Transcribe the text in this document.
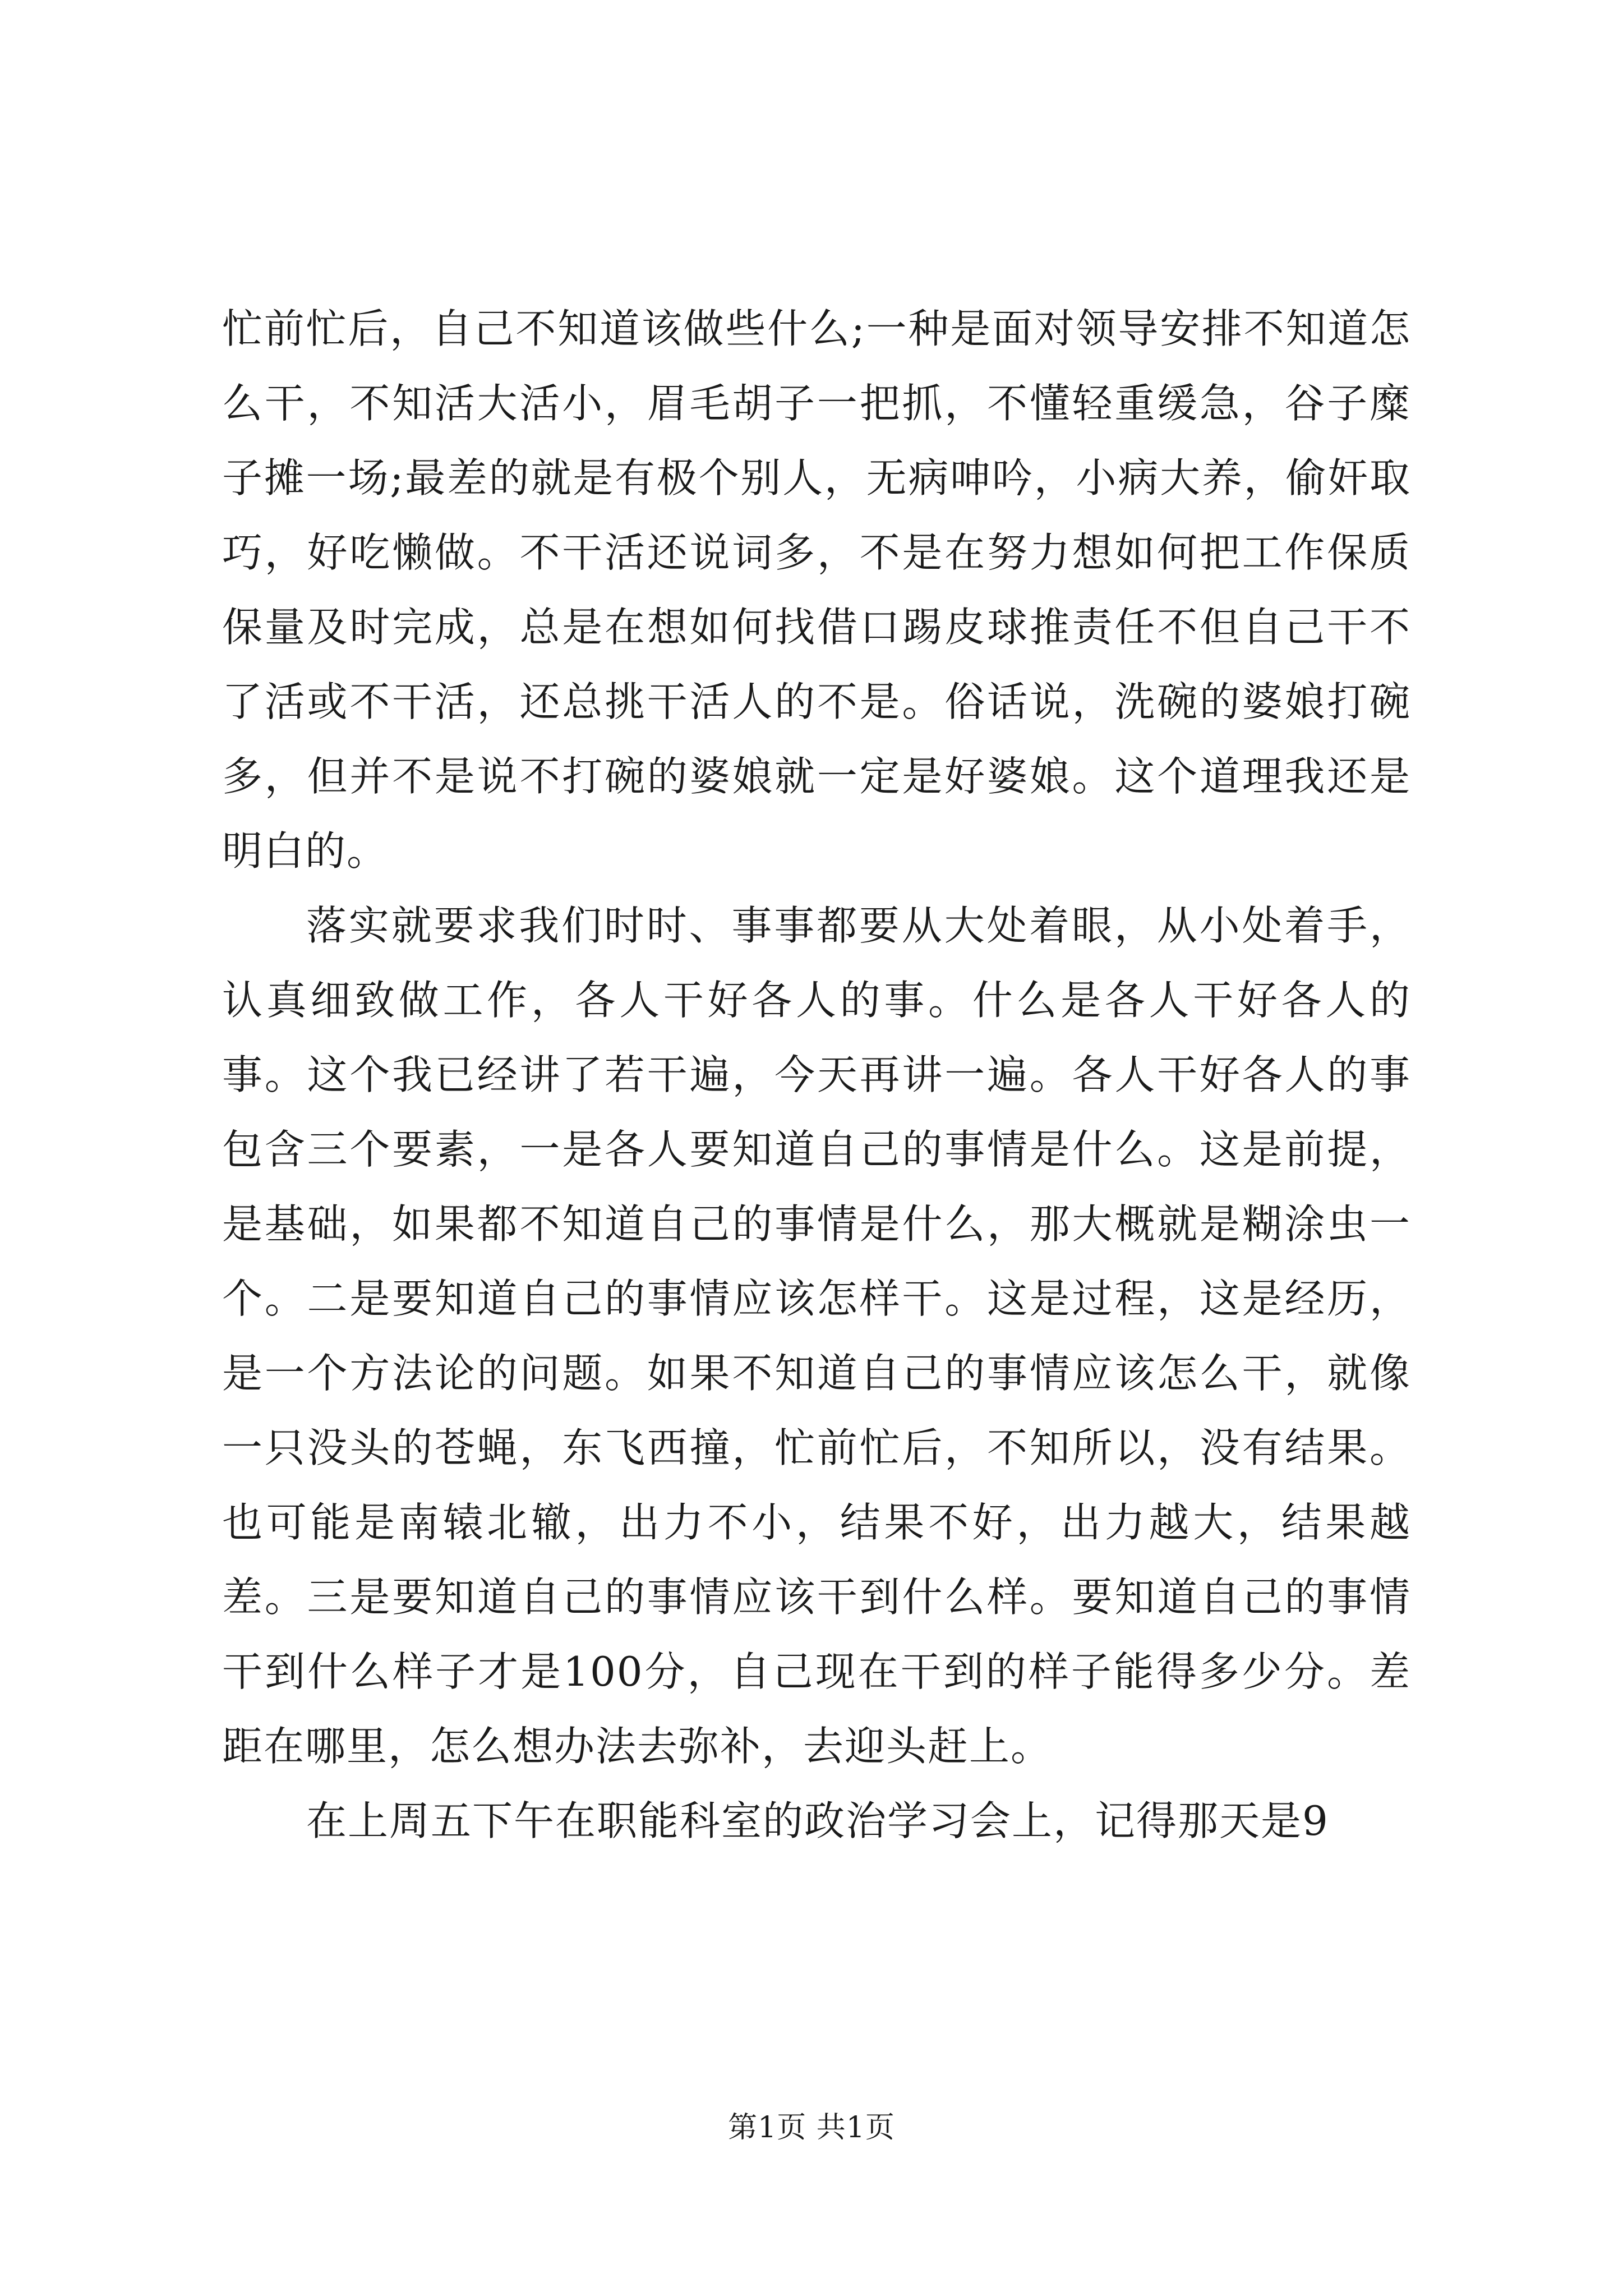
忙前忙后，自己不知道该做些什么;一种是面对领导安排不知道怎么干，不知活大活小，眉毛胡子一把抓，不懂轻重缓急，谷子糜子摊一场;最差的就是有极个别人，无病呻吟，小病大养，偷奸取巧，好吃懒做。不干活还说词多，不是在努力想如何把工作保质保量及时完成，总是在想如何找借口踢皮球推责任不但自己干不了活或不干活，还总挑干活人的不是。俗话说，洗碗的婆娘打碗多，但并不是说不打碗的婆娘就一定是好婆娘。这个道理我还是明白的。

落实就要求我们时时、事事都要从大处着眼，从小处着手，认真细致做工作，各人干好各人的事。什么是各人干好各人的事。这个我已经讲了若干遍，今天再讲一遍。各人干好各人的事包含三个要素，一是各人要知道自己的事情是什么。这是前提，是基础，如果都不知道自己的事情是什么，那大概就是糊涂虫一个。二是要知道自己的事情应该怎样干。这是过程，这是经历，是一个方法论的问题。如果不知道自己的事情应该怎么干，就像一只没头的苍蝇，东飞西撞，忙前忙后，不知所以，没有结果。也可能是南辕北辙，出力不小，结果不好，出力越大，结果越差。三是要知道自己的事情应该干到什么样。要知道自己的事情干到什么样子才是100分，自己现在干到的样子能得多少分。差距在哪里，怎么想办法去弥补，去迎头赶上。

在上周五下午在职能科室的政治学习会上，记得那天是9

第1页 共1页
